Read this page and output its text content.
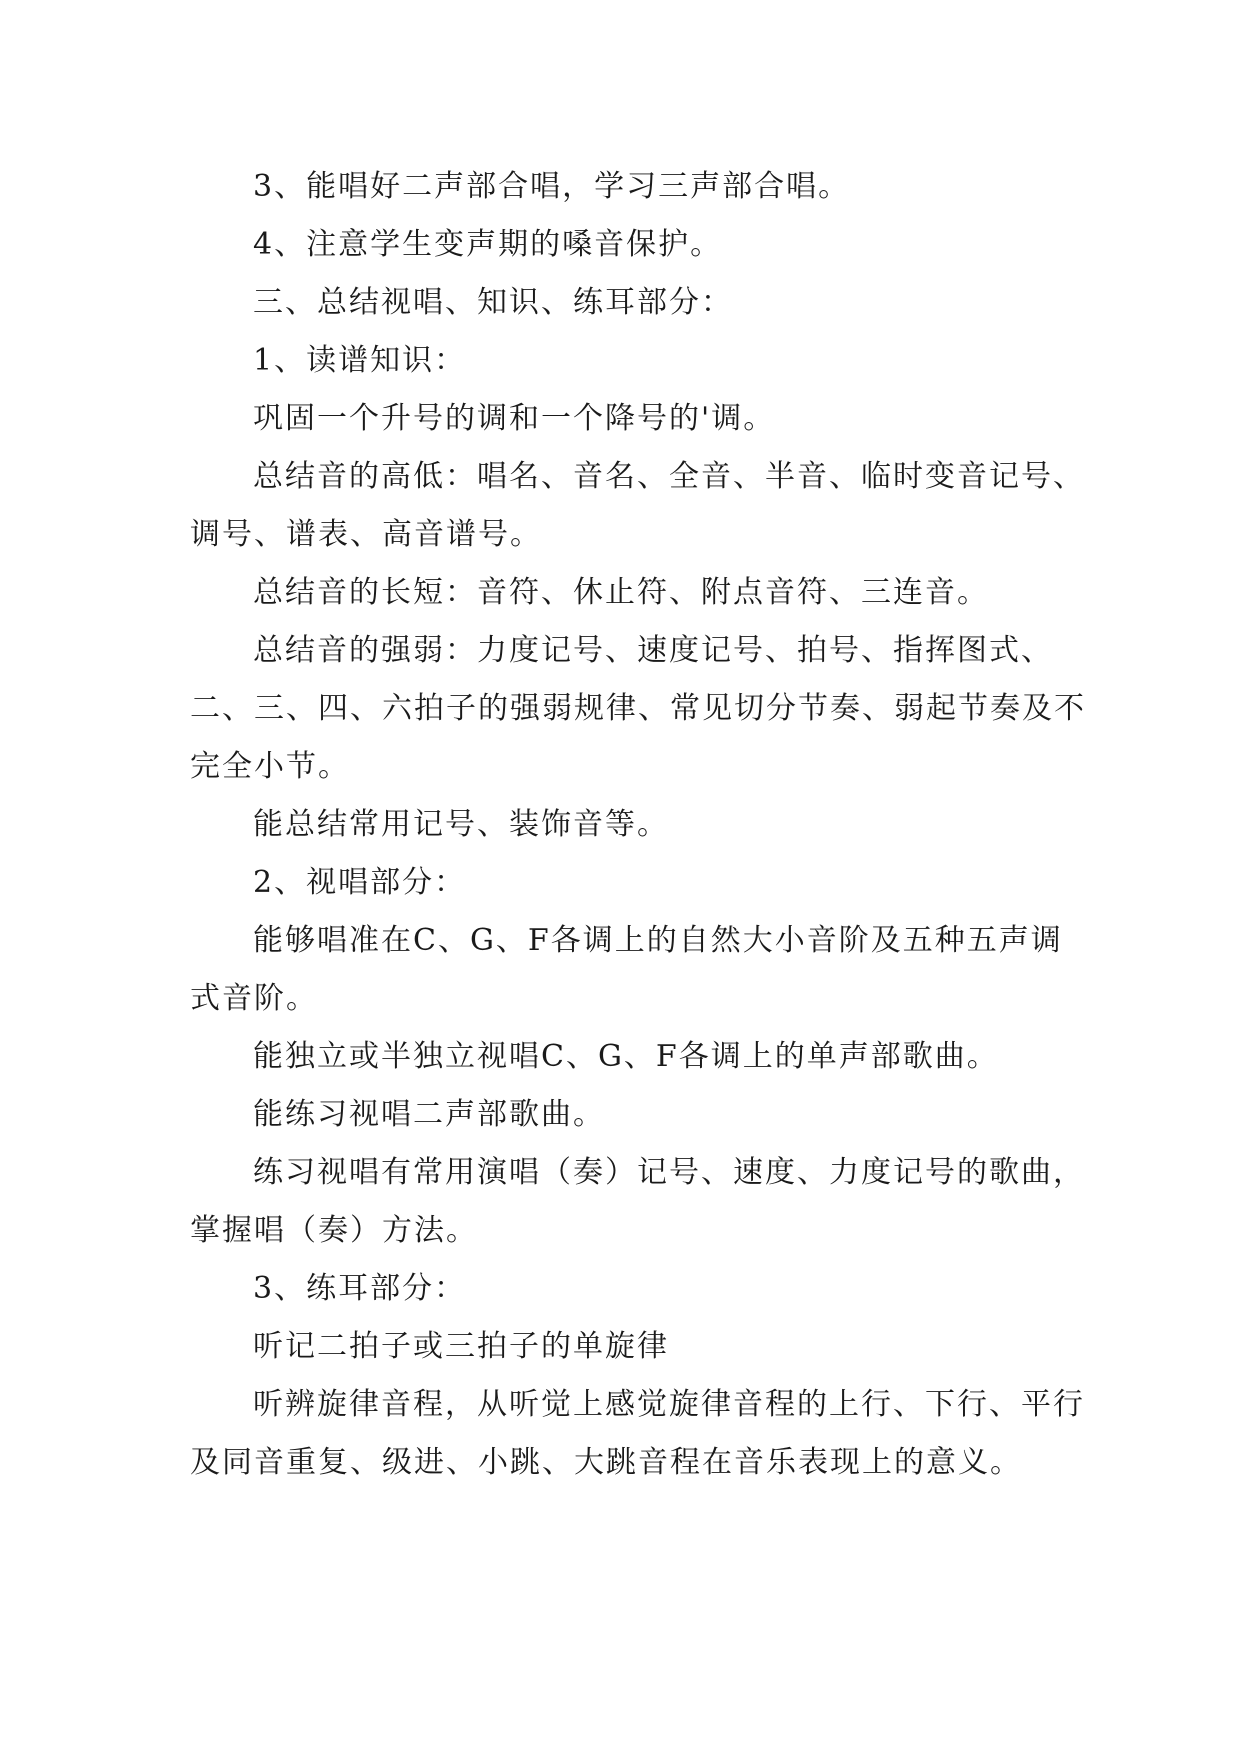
3、能唱好二声部合唱，学习三声部合唱。

4、注意学生变声期的嗓音保护。

三、总结视唱、知识、练耳部分：

1、读谱知识：

巩固一个升号的调和一个降号的'调。

总结音的高低：唱名、音名、全音、半音、临时变音记号、调号、谱表、高音谱号。

总结音的长短：音符、休止符、附点音符、三连音。

总结音的强弱：力度记号、速度记号、拍号、指挥图式、二、三、四、六拍子的强弱规律、常见切分节奏、弱起节奏及不完全小节。

能总结常用记号、装饰音等。

2、视唱部分：

能够唱准在C、G、F各调上的自然大小音阶及五种五声调式音阶。

能独立或半独立视唱C、G、F各调上的单声部歌曲。

能练习视唱二声部歌曲。

练习视唱有常用演唱（奏）记号、速度、力度记号的歌曲，掌握唱（奏）方法。

3、练耳部分：

听记二拍子或三拍子的单旋律

听辨旋律音程，从听觉上感觉旋律音程的上行、下行、平行及同音重复、级进、小跳、大跳音程在音乐表现上的意义。
